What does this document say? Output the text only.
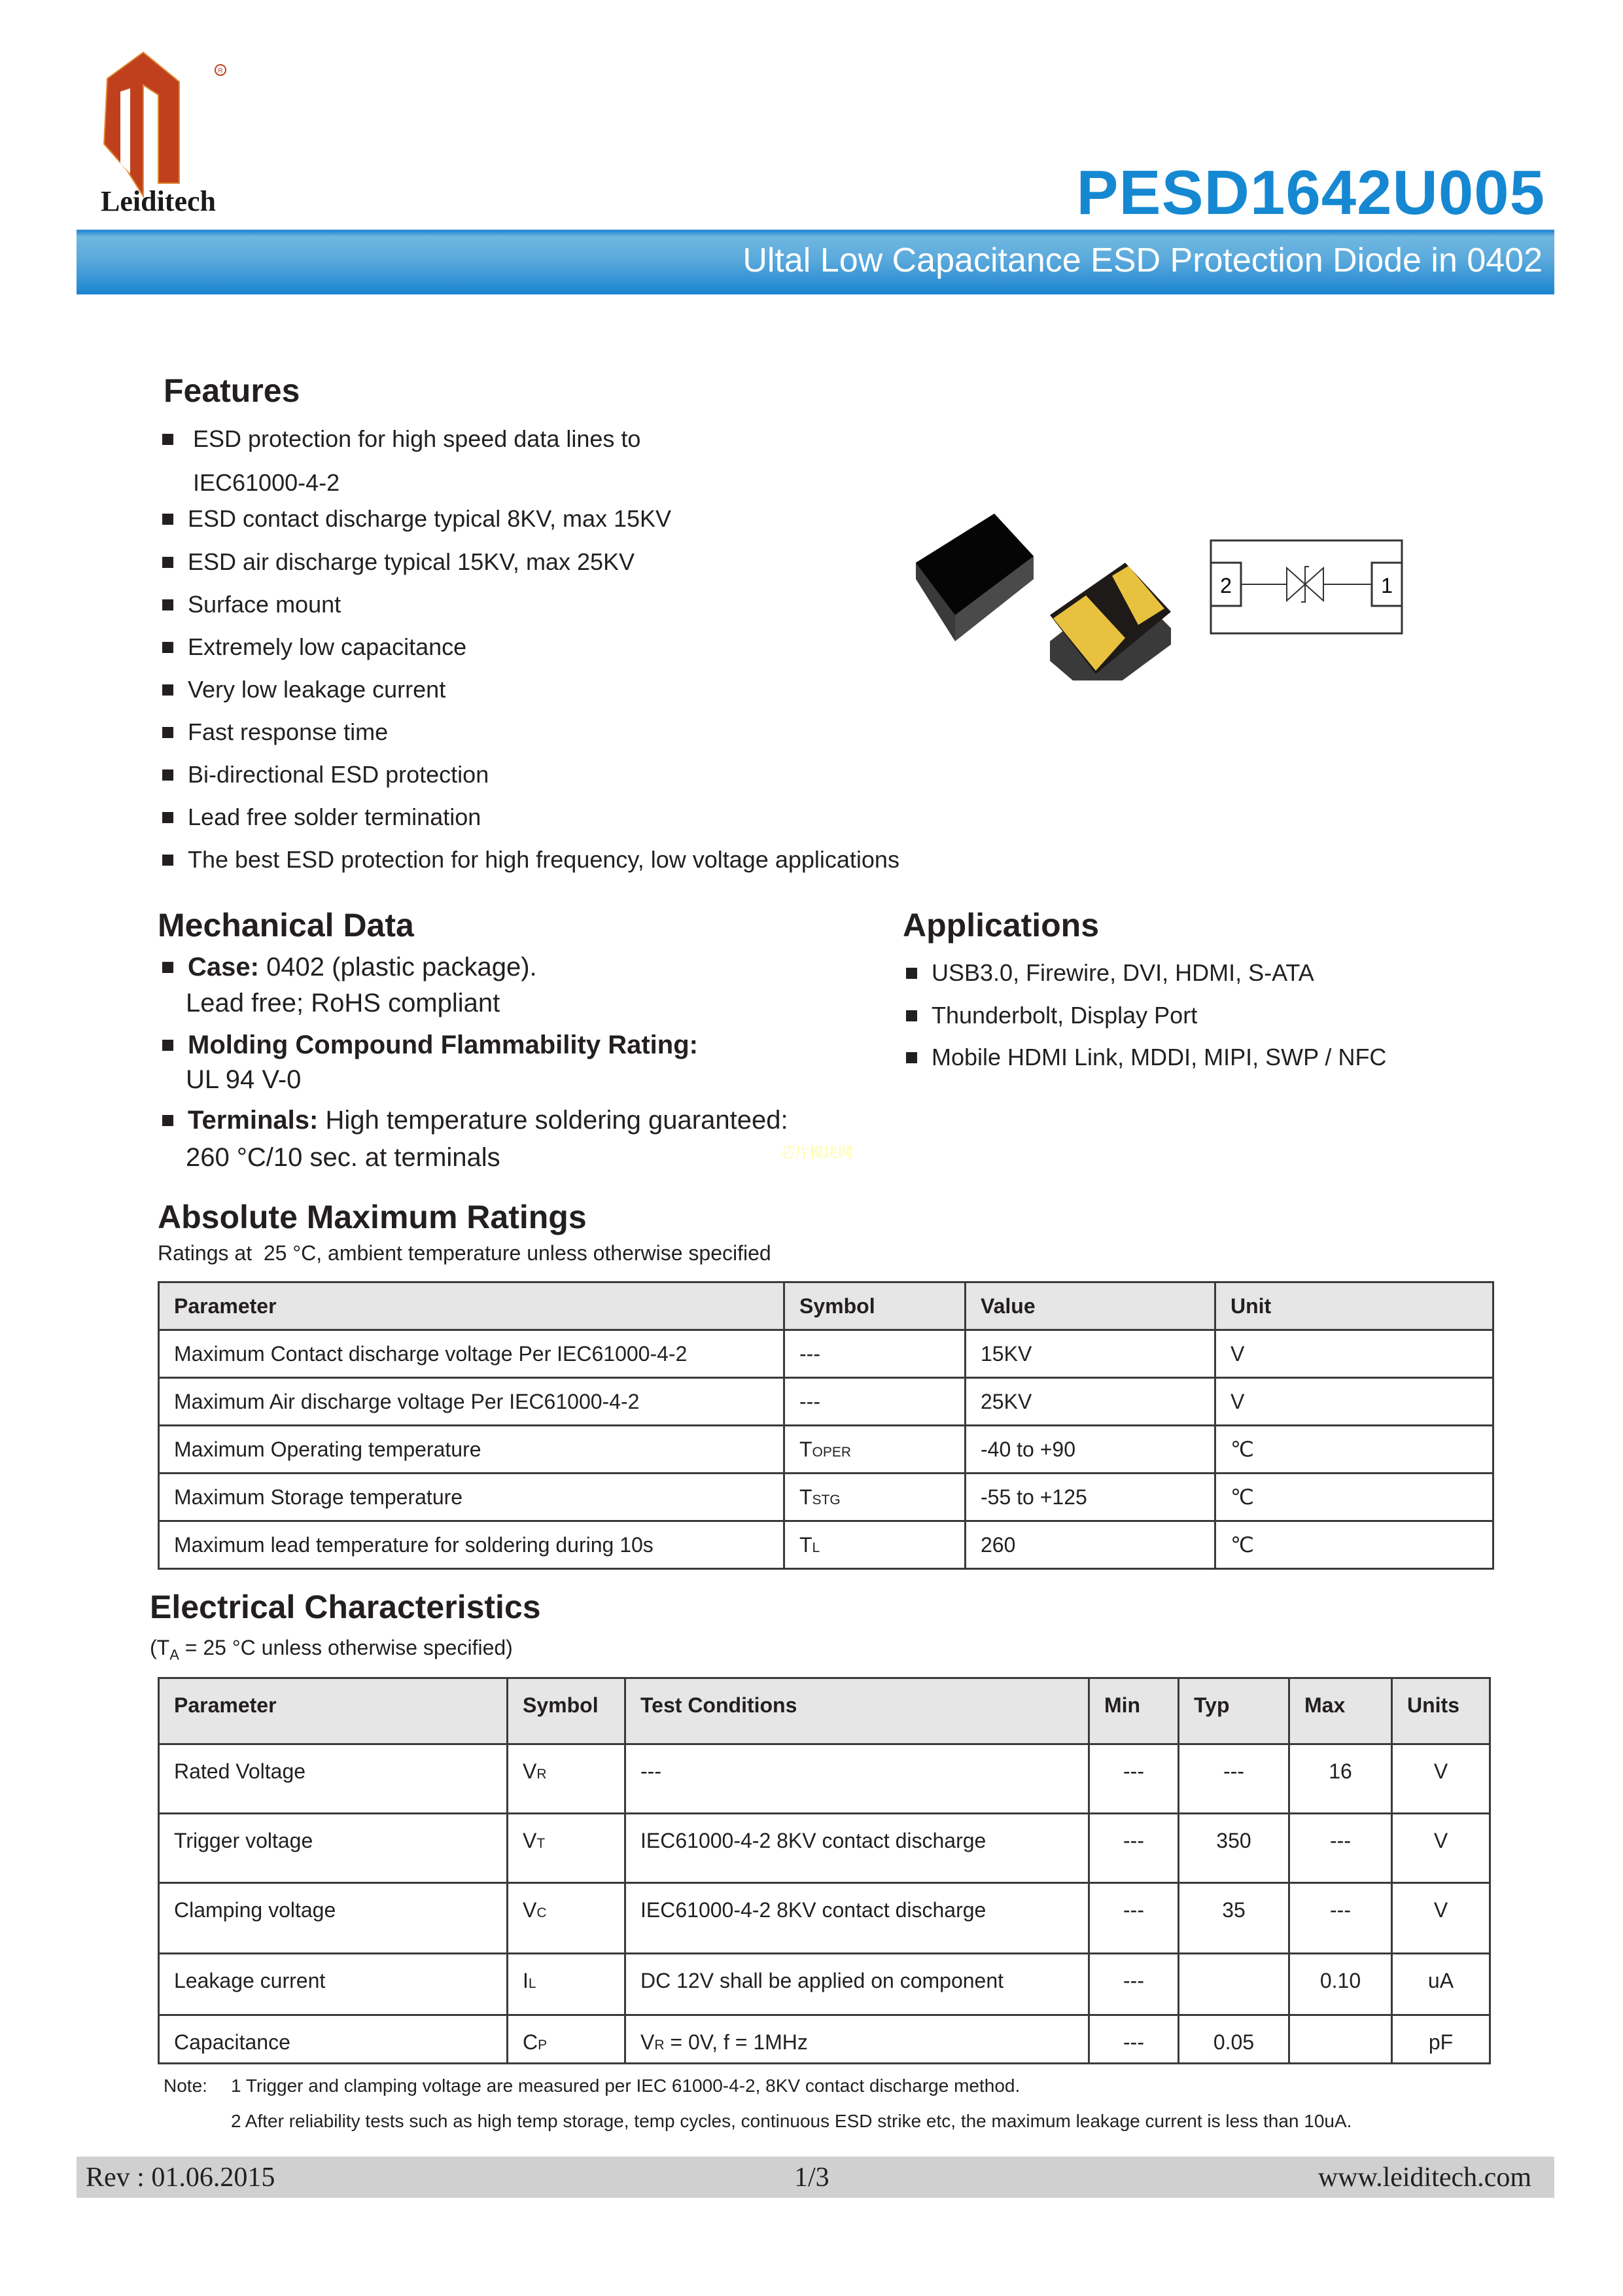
R
Leiditech	PESD1642U005
Ultal Low Capacitance ESD Protection Diode in 0402
Features
ESD protection for high speed data lines to
IEC61000-4-2
ESD contact discharge typical 8KV, max 15KV
ESD air discharge typical 15KV, max 25KV
Surface mount
Extremely low capacitance
Very low leakage current
Fast response time
Bi-directional ESD protection
Lead free solder termination
The best ESD protection for high frequency, low voltage applications
2	1
Mechanical Data
Case: 0402 (plastic package).
Lead free; RoHS compliant
Molding Compound Flammability Rating:
UL 94 V-0
Terminals: High temperature soldering guaranteed:
260 °C/10 sec. at terminals	芯片模块网
Applications
USB3.0, Firewire, DVI, HDMI, S-ATA
Thunderbolt, Display Port
Mobile HDMI Link, MDDI, MIPI, SWP / NFC
Absolute Maximum Ratings
Ratings at  25 °C, ambient temperature unless otherwise specified
Parameter	Symbol	Value	Unit
Maximum Contact discharge voltage Per IEC61000-4-2	---	15KV	V
Maximum Air discharge voltage Per IEC61000-4-2	---	25KV	V
Maximum Operating temperature	TOPER	-40 to +90	℃
Maximum Storage temperature	TSTG	-55 to +125	℃
Maximum lead temperature for soldering during 10s	TL	260	℃
Electrical Characteristics
($T_A = 25$ °C unless otherwise specified)
Parameter	Symbol	Test Conditions	Min	Typ	Max	Units
Rated Voltage	VR	---	---	---	16	V
Trigger voltage	VT	IEC61000-4-2 8KV contact discharge	---	350	---	V
Clamping voltage	VC	IEC61000-4-2 8KV contact discharge	---	35	---	V
Leakage current	IL	DC 12V shall be applied on component	---		0.10	uA
Capacitance	CP	VR = 0V, f = 1MHz	---	0.05		pF
Note: 1 Trigger and clamping voltage are measured per IEC 61000-4-2, 8KV contact discharge method.
2 After reliability tests such as high temp storage, temp cycles, continuous ESD strike etc, the maximum leakage current is less than 10uA.
Rev : 01.06.2015	1/3	www.leiditech.com
